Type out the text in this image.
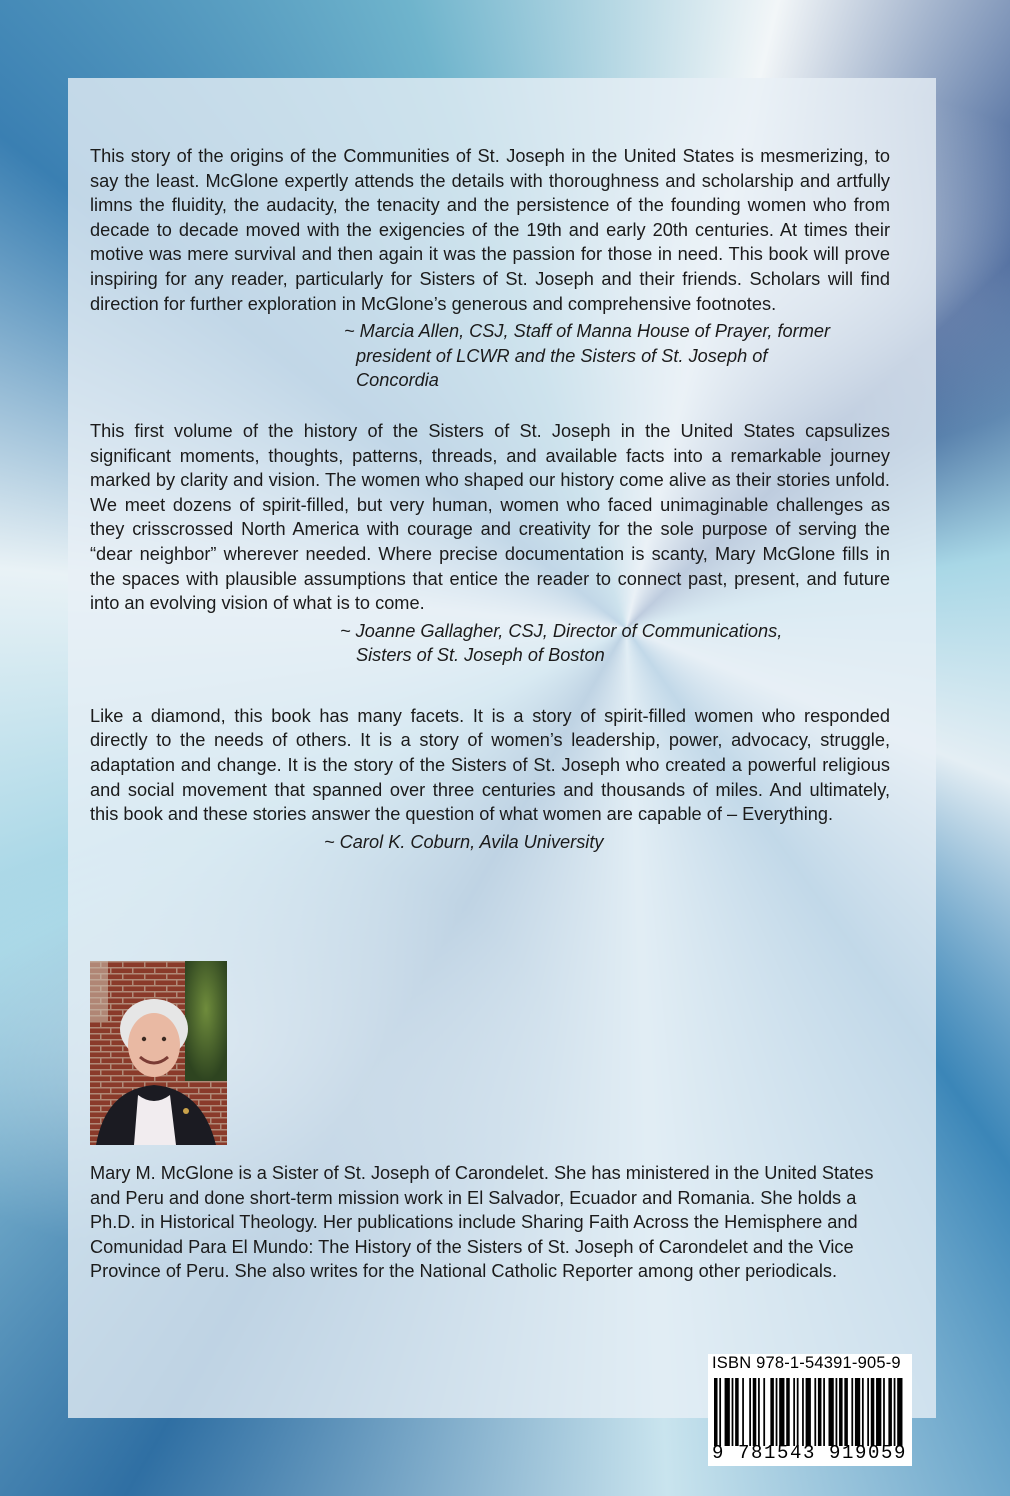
This story of the origins of the Communities of St. Joseph in the United States is mesmerizing, to say the least. McGlone expertly attends the details with thoroughness and scholarship and artfully limns the fluidity, the audacity, the tenacity and the persistence of the founding women who from decade to decade moved with the exigencies of the 19th and early 20th centuries. At times their motive was mere survival and then again it was the passion for those in need. This book will prove inspiring for any reader, particularly for Sisters of St. Joseph and their friends. Scholars will find direction for further exploration in McGlone’s generous and comprehensive footnotes.

~ Marcia Allen, CSJ, Staff of Manna House of Prayer, former
president of LCWR and the Sisters of St. Joseph of
Concordia

This first volume of the history of the Sisters of St. Joseph in the United States capsulizes significant moments, thoughts, patterns, threads, and available facts into a remarkable journey marked by clarity and vision. The women who shaped our history come alive as their stories unfold. We meet dozens of spirit-filled, but very human, women who faced unimaginable challenges as they crisscrossed North America with courage and creativity for the sole purpose of serving the “dear neighbor” wherever needed. Where precise documentation is scanty, Mary McGlone fills in the spaces with plausible assumptions that entice the reader to connect past, present, and future into an evolving vision of what is to come.

~ Joanne Gallagher, CSJ, Director of Communications,
Sisters of St. Joseph of Boston

Like a diamond, this book has many facets. It is a story of spirit-filled women who responded directly to the needs of others. It is a story of women’s leadership, power, advocacy, struggle, adaptation and change. It is the story of the Sisters of St. Joseph who created a powerful religious and social movement that spanned over three centuries and thousands of miles. And ultimately, this book and these stories answer the question of what women are capable of – Everything.

~ Carol K. Coburn, Avila University

Mary M. McGlone is a Sister of St. Joseph of Carondelet. She has ministered in the United States and Peru and done short-term mission work in El Salvador, Ecuador and Romania. She holds a Ph.D. in Historical Theology. Her publications include Sharing Faith Across the Hemisphere and Comunidad Para El Mundo: The History of the Sisters of St. Joseph of Carondelet and the Vice Province of Peru. She also writes for the National Catholic Reporter among other periodicals.

ISBN 978-1-54391-905-9
9 781543 919059
